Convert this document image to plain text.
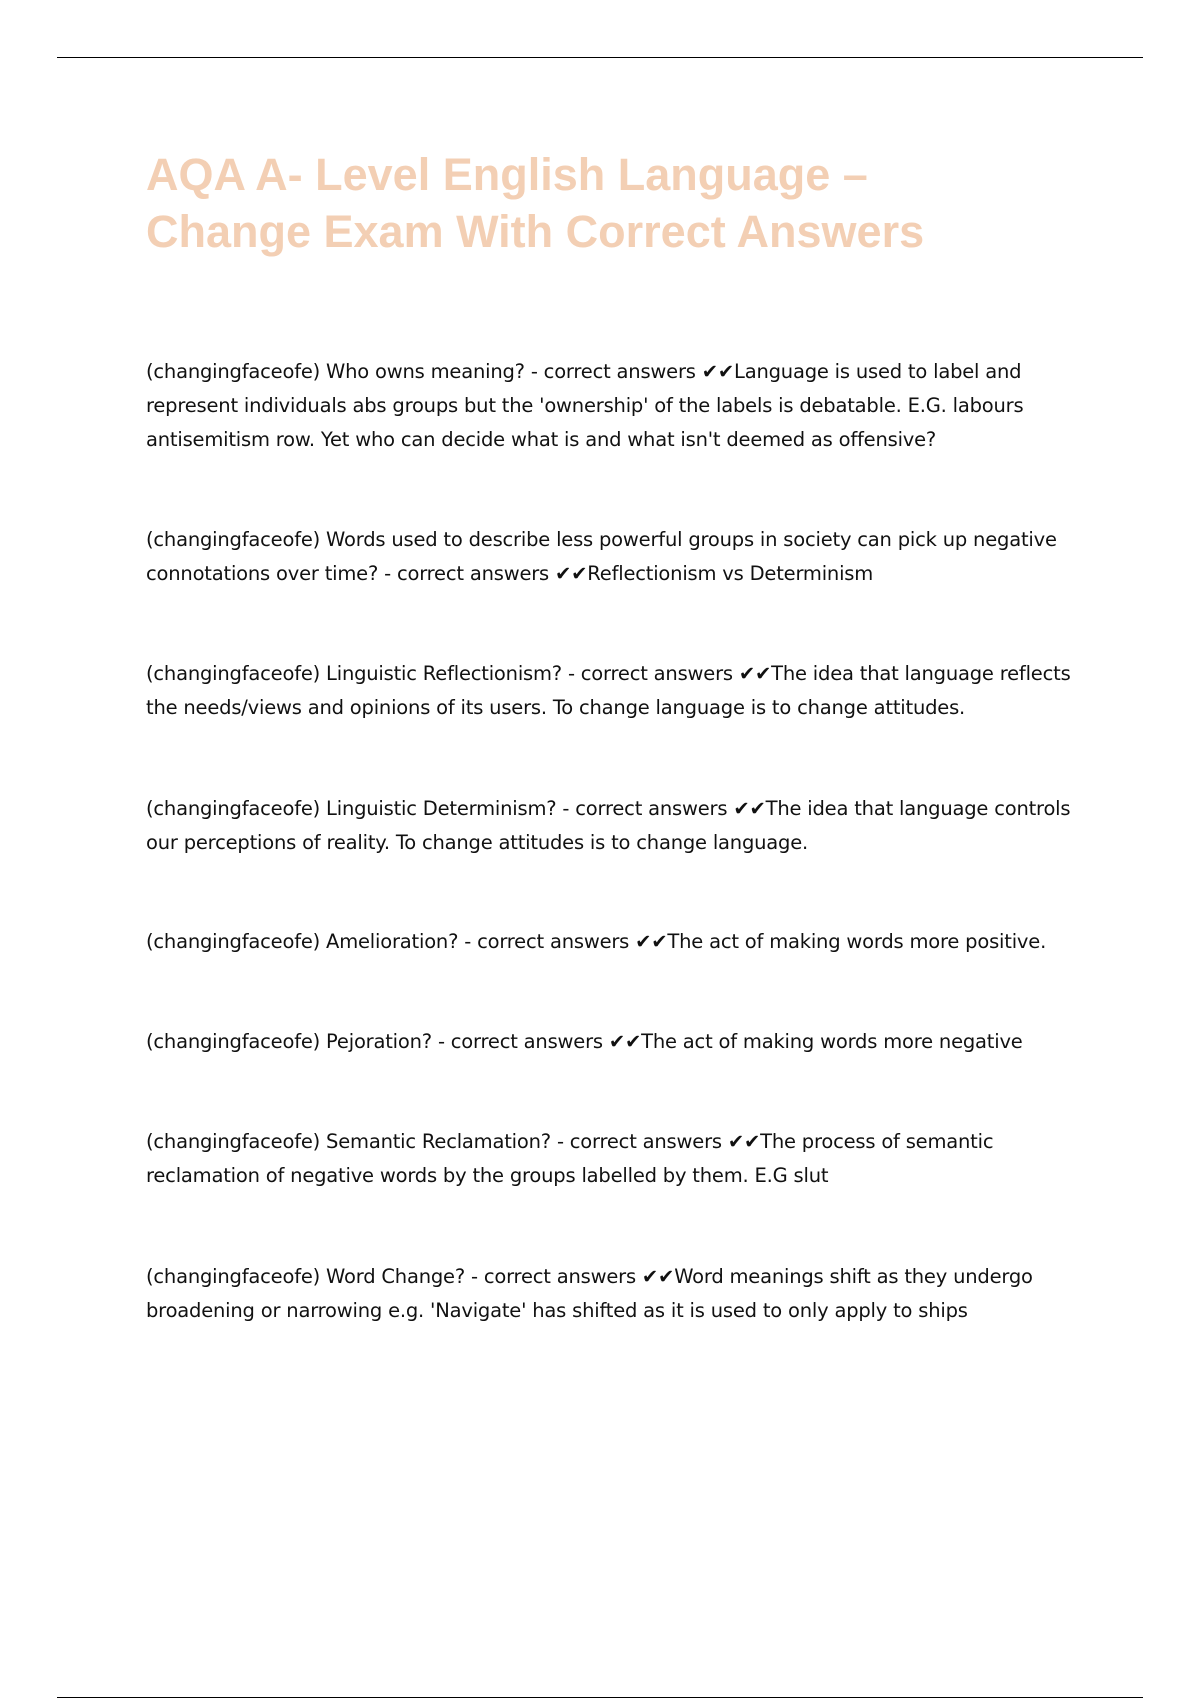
AQA A- Level English Language –
Change Exam With Correct Answers

(changingfaceofe) Who owns meaning? - correct answers ✔✔Language is used to label and represent individuals abs groups but the 'ownership' of the labels is debatable. E.G. labours antisemitism row. Yet who can decide what is and what isn't deemed as offensive?

(changingfaceofe) Words used to describe less powerful groups in society can pick up negative connotations over time? - correct answers ✔✔Reflectionism vs Determinism

(changingfaceofe) Linguistic Reflectionism? - correct answers ✔✔The idea that language reflects the needs/views and opinions of its users. To change language is to change attitudes.

(changingfaceofe) Linguistic Determinism? - correct answers ✔✔The idea that language controls our perceptions of reality. To change attitudes is to change language.

(changingfaceofe) Amelioration? - correct answers ✔✔The act of making words more positive.

(changingfaceofe) Pejoration? - correct answers ✔✔The act of making words more negative

(changingfaceofe) Semantic Reclamation? - correct answers ✔✔The process of semantic reclamation of negative words by the groups labelled by them. E.G slut

(changingfaceofe) Word Change? - correct answers ✔✔Word meanings shift as they undergo broadening or narrowing e.g. 'Navigate' has shifted as it is used to only apply to ships
